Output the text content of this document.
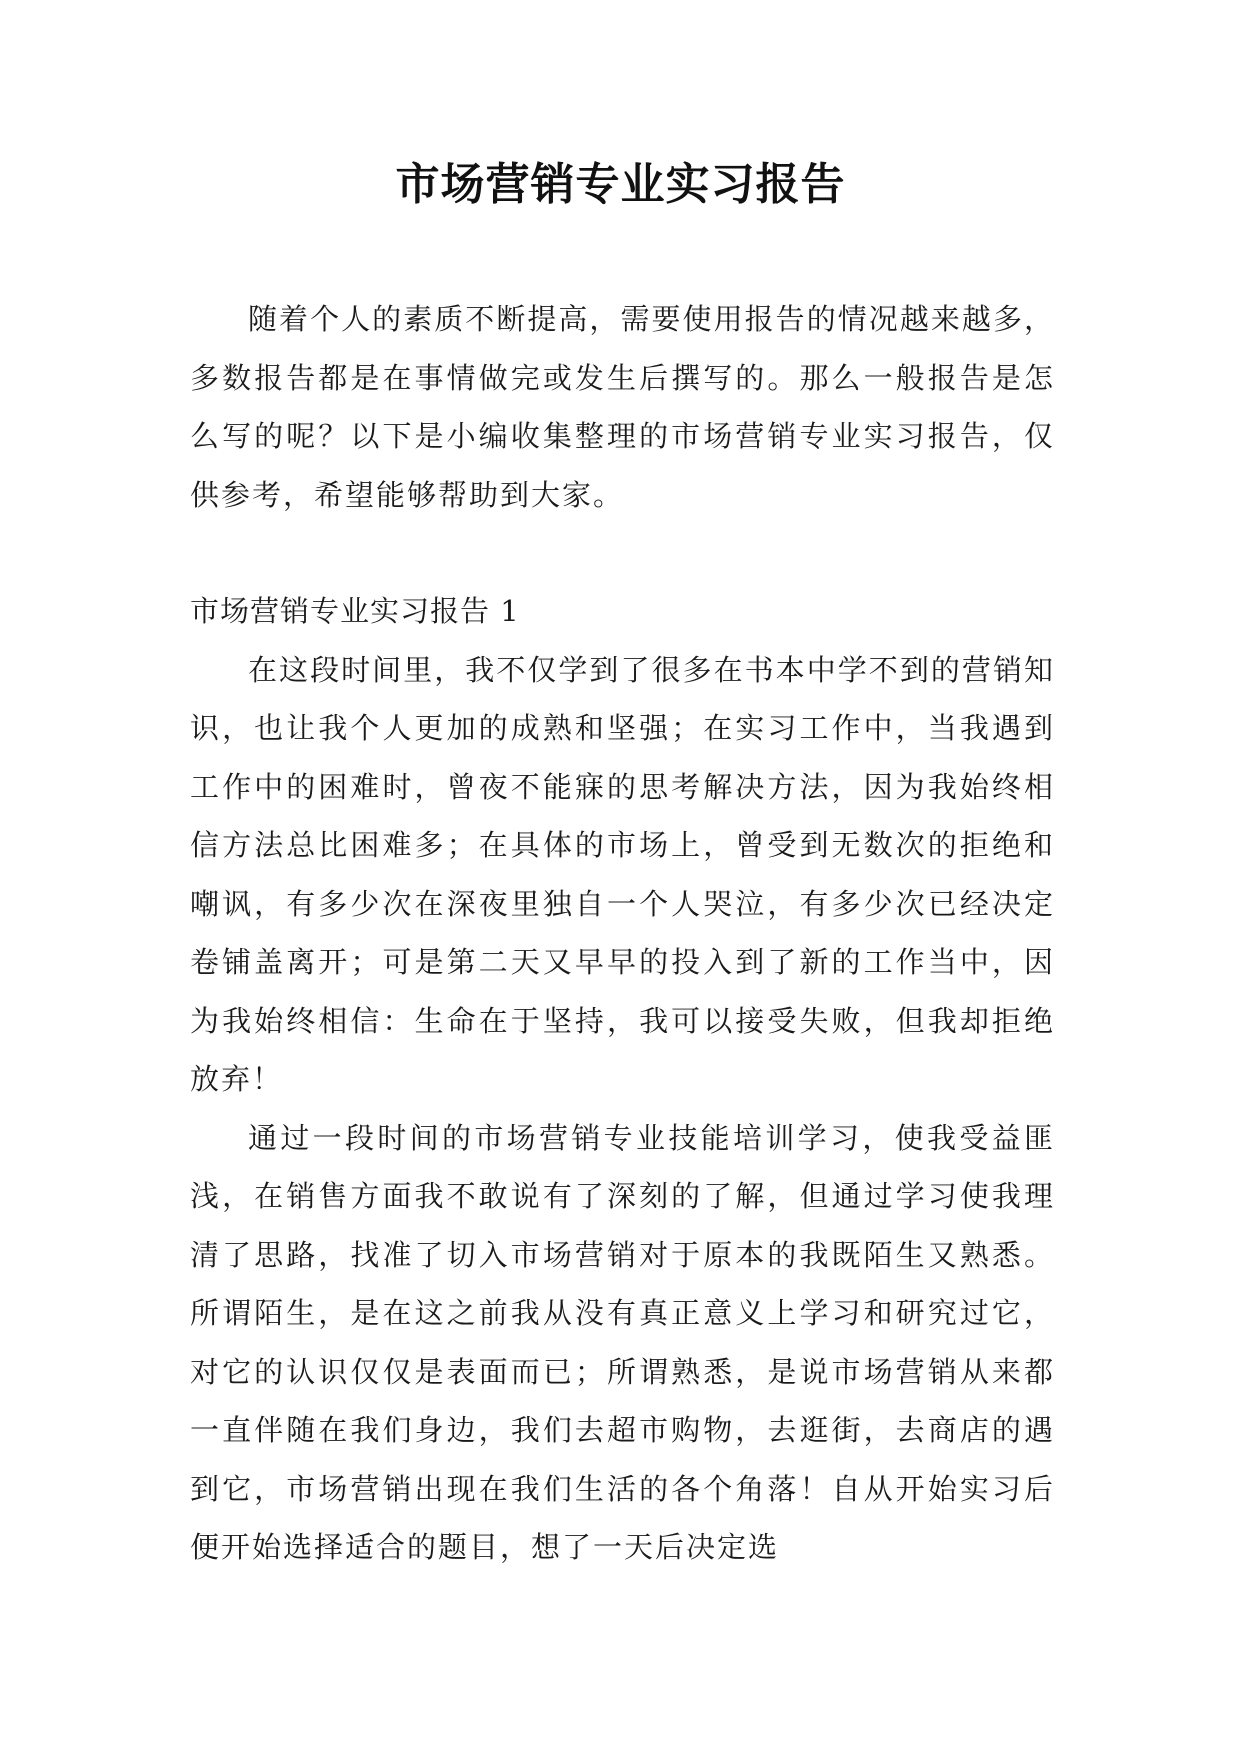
市场营销专业实习报告

随着个人的素质不断提高，需要使用报告的情况越来越多，多数报告都是在事情做完或发生后撰写的。那么一般报告是怎么写的呢？以下是小编收集整理的市场营销专业实习报告，仅供参考，希望能够帮助到大家。

市场营销专业实习报告 1

在这段时间里，我不仅学到了很多在书本中学不到的营销知识，也让我个人更加的成熟和坚强；在实习工作中，当我遇到工作中的困难时，曾夜不能寐的思考解决方法，因为我始终相信方法总比困难多；在具体的市场上，曾受到无数次的拒绝和嘲讽，有多少次在深夜里独自一个人哭泣，有多少次已经决定卷铺盖离开；可是第二天又早早的投入到了新的工作当中，因为我始终相信：生命在于坚持，我可以接受失败，但我却拒绝放弃！

通过一段时间的市场营销专业技能培训学习，使我受益匪浅，在销售方面我不敢说有了深刻的了解，但通过学习使我理清了思路，找准了切入市场营销对于原本的我既陌生又熟悉。所谓陌生，是在这之前我从没有真正意义上学习和研究过它，对它的认识仅仅是表面而已；所谓熟悉，是说市场营销从来都一直伴随在我们身边，我们去超市购物，去逛街，去商店的遇到它，市场营销出现在我们生活的各个角落！自从开始实习后便开始选择适合的题目，想了一天后决定选
